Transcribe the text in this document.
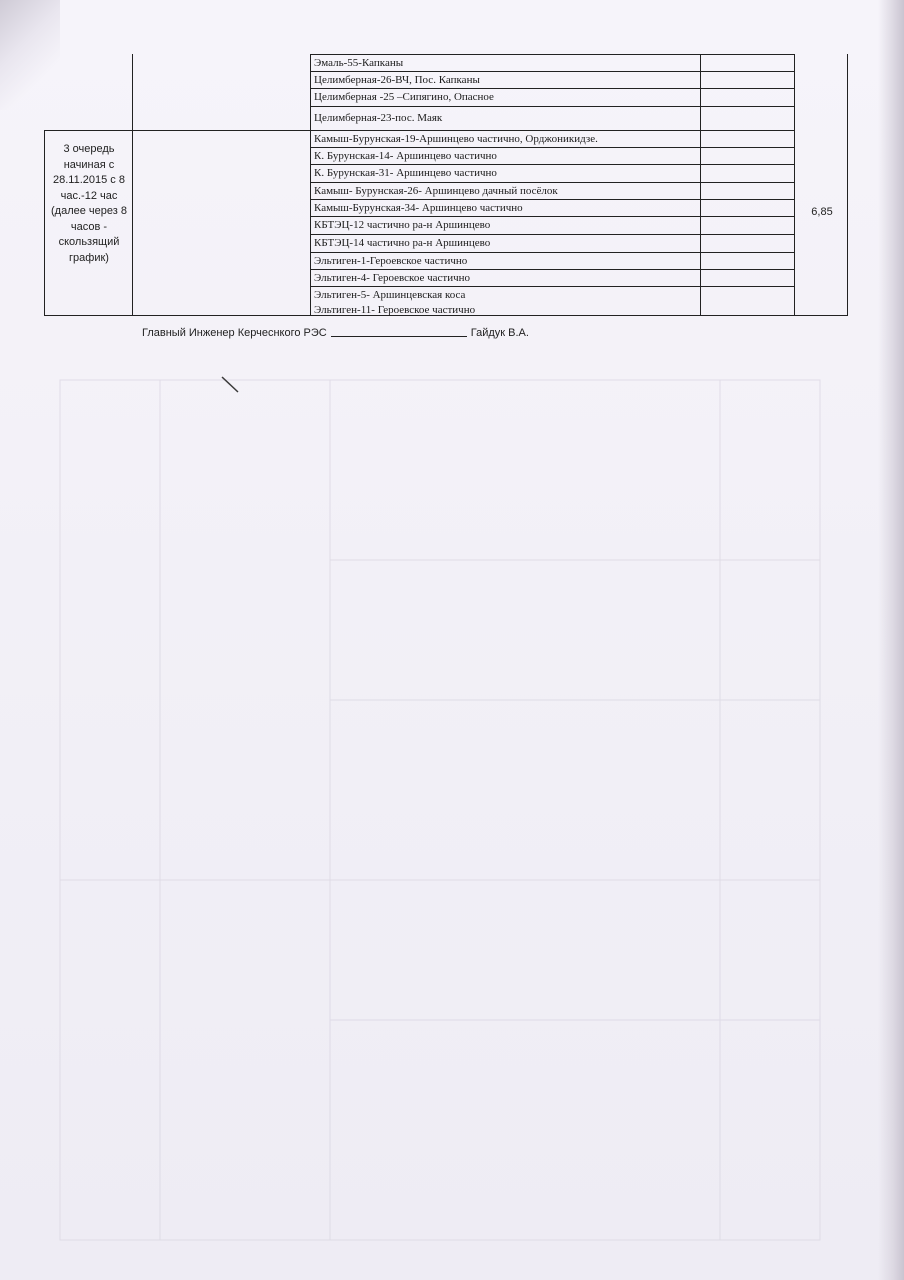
3 очередь начиная с 28.11.2015 с 8 час.-12 час (далее через 8 часов - скользящий график)
6,85
Эмаль-55-Капканы
Целимберная-26-ВЧ, Пос. Капканы
Целимберная -25 –Сипягино, Опасное
Целимберная-23-пос. Маяк
Камыш-Бурунская-19-Аршинцево частично, Орджоникидзе.
К. Бурунская-14- Аршинцево частично
К. Бурунская-31- Аршинцево частично
Камыш- Бурунская-26- Аршинцево дачный посёлок
Камыш-Бурунская-34- Аршинцево частично
КБТЭЦ-12 частично ра-н Аршинцево
КБТЭЦ-14 частично ра-н Аршинцево
Эльтиген-1-Героевское частично
Эльтиген-4- Героевское частично
Эльтиген-5- Аршинцевская коса
Эльтиген-11- Героевское частично
Главный Инженер Керчеснкого РЭС	Гайдук В.А.
